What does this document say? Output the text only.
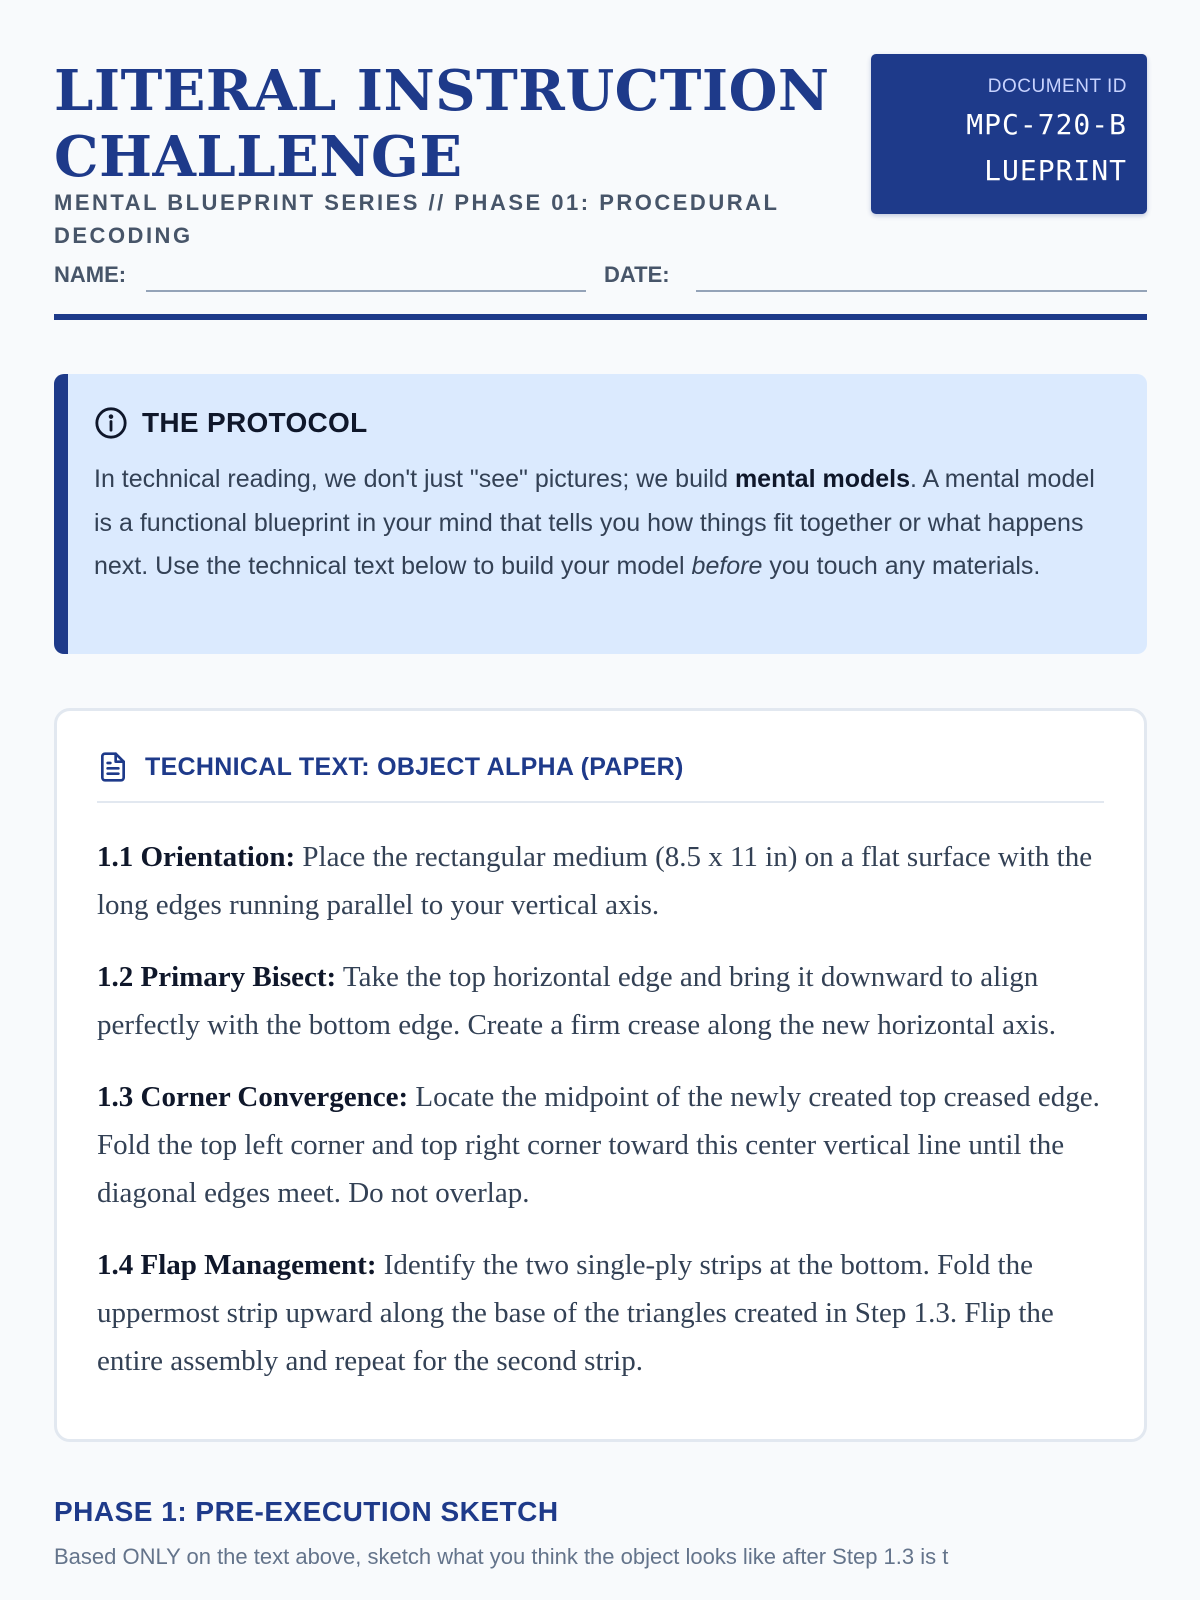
LITERAL INSTRUCTION CHALLENGE
MENTAL BLUEPRINT SERIES // PHASE 01: PROCEDURAL DECODING
DOCUMENT ID
MPC-720-BLUEPRINT
NAME:	DATE:
THE PROTOCOL

In technical reading, we don't just "see" pictures; we build mental models. A mental model is a functional blueprint in your mind that tells you how things fit together or what happens next. Use the technical text below to build your model before you touch any materials.

TECHNICAL TEXT: OBJECT ALPHA (PAPER)

1.1 Orientation: Place the rectangular medium (8.5 x 11 in) on a flat surface with the long edges running parallel to your vertical axis.

1.2 Primary Bisect: Take the top horizontal edge and bring it downward to align perfectly with the bottom edge. Create a firm crease along the new horizontal axis.

1.3 Corner Convergence: Locate the midpoint of the newly created top creased edge. Fold the top left corner and top right corner toward this center vertical line until the diagonal edges meet. Do not overlap.

1.4 Flap Management: Identify the two single-ply strips at the bottom. Fold the uppermost strip upward along the base of the triangles created in Step 1.3. Flip the entire assembly and repeat for the second strip.

PHASE 1: PRE-EXECUTION SKETCH

Based ONLY on the text above, sketch what you think the object looks like after Step 1.3 is t
